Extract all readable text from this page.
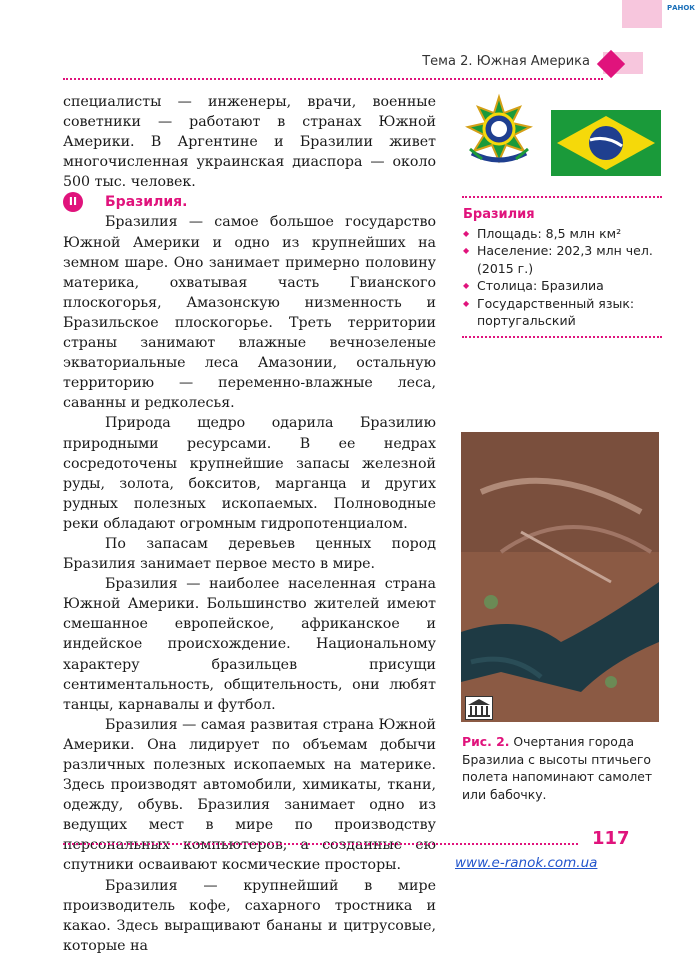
РАНОК
Тема 2. Южная Америка

специалисты — инженеры, врачи, военные советники — работают в странах Южной Америки. В Аргентине и Бразилии живет многочисленная украинская диаспора — около 500 тыс. человек.

II	Бразилия.

Бразилия — самое большое государство Южной Америки и одно из крупнейших на земном шаре. Оно занимает примерно половину материка, охватывая часть Гвианского плоскогорья, Амазонскую низменность и Бразильское плоскогорье. Треть территории страны занимают влажные вечнозеленые экваториальные леса Амазонии, остальную территорию — переменно-влажные леса, саванны и редколесья.

Природа щедро одарила Бразилию природными ресурсами. В ее недрах сосредоточены крупнейшие запасы железной руды, золота, бокситов, марганца и других рудных полезных ископаемых. Полноводные реки обладают огромным гидропотенциалом.

По запасам деревьев ценных пород Бразилия занимает первое место в мире.

Бразилия — наиболее населенная страна Южной Америки. Большинство жителей имеют смешанное европейское, африканское и индейское происхождение. Национальному характеру бразильцев присущи сентиментальность, общительность, они любят танцы, карнавалы и футбол.

Бразилия — самая развитая страна Южной Америки. Она лидирует по объемам добычи различных полезных ископаемых на материке. Здесь производят автомобили, химикаты, ткани, одежду, обувь. Бразилия занимает одно из ведущих мест в мире по производству персональных компьютеров, а созданные ею спутники осваивают космические просторы.

Бразилия — крупнейший в мире производитель кофе, сахарного тростника и какао. Здесь выращивают бананы и цитрусовые, которые на

Бразилия
◆ Площадь: 8,5 млн км²
◆ Население: 202,3 млн чел. (2015 г.)
◆ Столица: Бразилиа
◆ Государственный язык: португальский
Рис. 2. Очертания города Бразилиа с высоты птичьего полета напоминают самолет или бабочку.
117
www.e-ranok.com.ua
